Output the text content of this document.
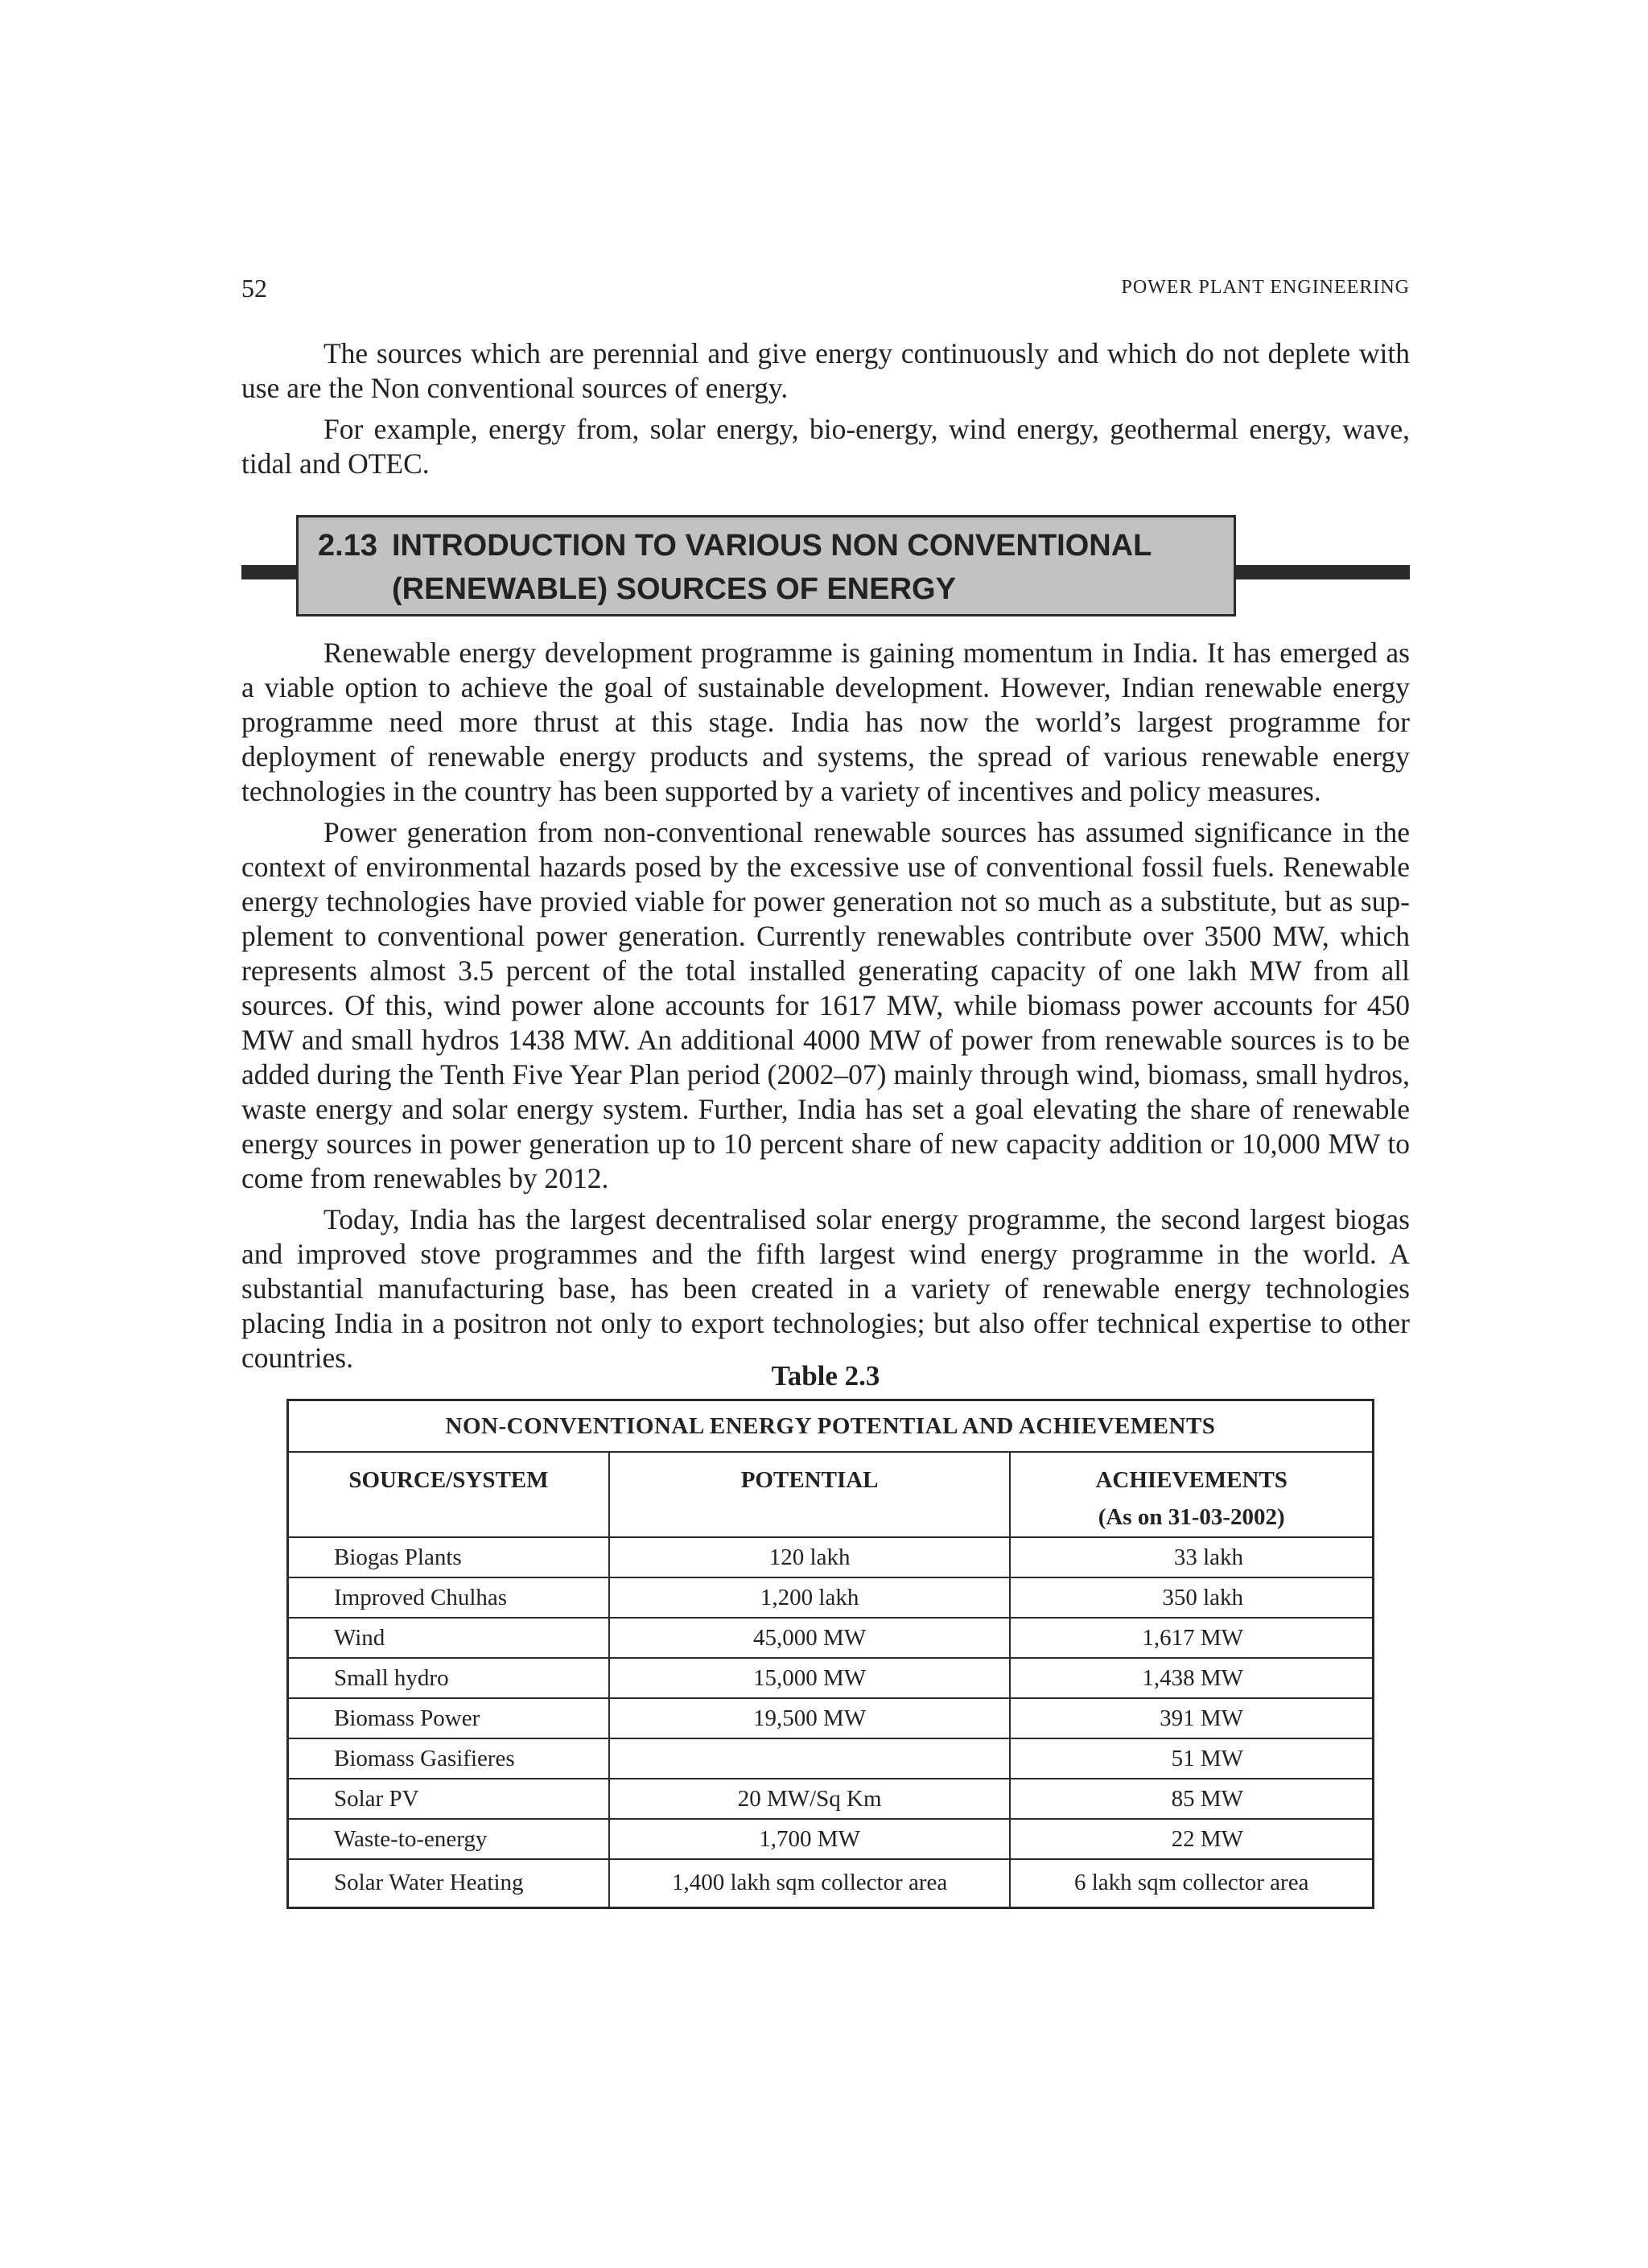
52	POWER PLANT ENGINEERING

The sources which are perennial and give energy continuously and which do not deplete with use are the Non conventional sources of energy.

For example, energy from, solar energy, bio-energy, wind energy, geothermal energy, wave, tidal and OTEC.

2.13 INTRODUCTION TO VARIOUS NON CONVENTIONAL
(RENEWABLE) SOURCES OF ENERGY

Renewable energy development programme is gaining momentum in India. It has emerged as a viable option to achieve the goal of sustainable development. However, Indian renewable energy programme need more thrust at this stage. India has now the world’s largest programme for deployment of renewable energy products and systems, the spread of various renewable energy technologies in the country has been supported by a variety of incentives and policy measures.

Power generation from non-conventional renewable sources has assumed significance in the context of environmental hazards posed by the excessive use of conventional fossil fuels. Renewable energy technologies have provied viable for power generation not so much as a substitute, but as supplement to conventional power generation. Currently renewables contribute over 3500 MW, which represents almost 3.5 percent of the total installed generating capacity of one lakh MW from all sources. Of this, wind power alone accounts for 1617 MW, while biomass power accounts for 450 MW and small hydros 1438 MW. An additional 4000 MW of power from renewable sources is to be added during the Tenth Five Year Plan period (2002–07) mainly through wind, biomass, small hydros, waste energy and solar energy system. Further, India has set a goal elevating the share of renewable energy sources in power generation up to 10 percent share of new capacity addition or 10,000 MW to come from renewables by 2012.

Today, India has the largest decentralised solar energy programme, the second largest biogas and improved stove programmes and the fifth largest wind energy programme in the world. A substantial manufacturing base, has been created in a variety of renewable energy technologies placing India in a positron not only to export technologies; but also offer technical expertise to other countries.

Table 2.3
NON-CONVENTIONAL ENERGY POTENTIAL AND ACHIEVEMENTS		

SOURCE/SYSTEM	POTENTIAL	ACHIEVEMENTS
(As on 31-03-2002)

Biogas Plants	120 lakh	33 lakh
Improved Chulhas	1,200 lakh	350 lakh
Wind	45,000 MW	1,617 MW
Small hydro	15,000 MW	1,438 MW
Biomass Power	19,500 MW	391 MW
Biomass Gasifieres		51 MW
Solar PV	20 MW/Sq Km	85 MW
Waste-to-energy	1,700 MW	22 MW
Solar Water Heating	1,400 lakh sqm collector area	6 lakh sqm collector area
